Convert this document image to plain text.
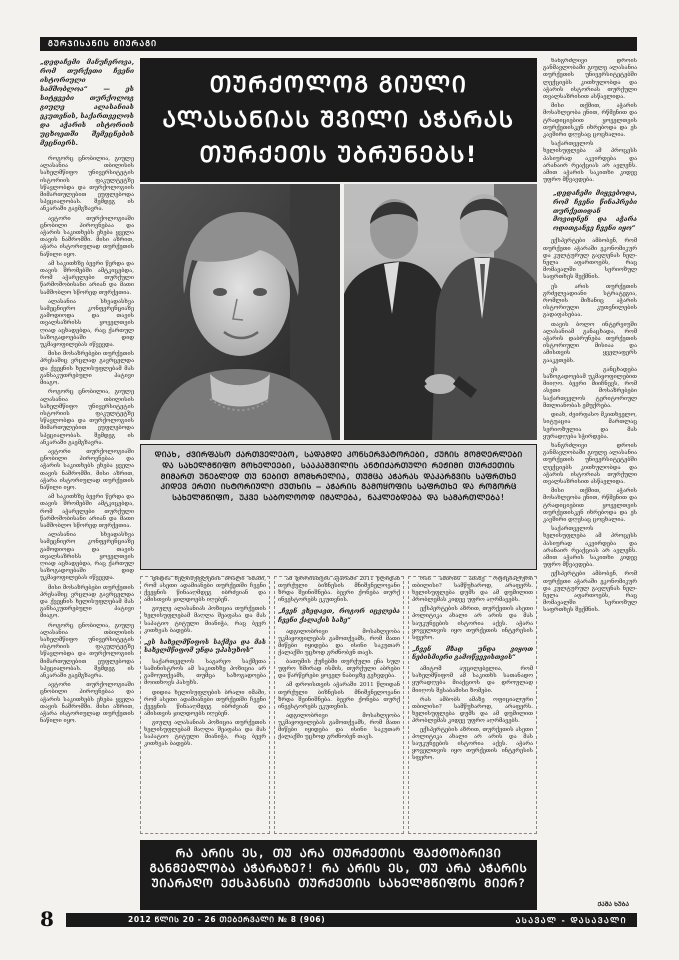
ᲒᲣᲠᲯᲘᲡᲐᲜᲘᲡ ᲛᲘᲣᲠᲐᲒᲘ

„დედაჩემი მანუჩეროვა, რომ თურქეთი ჩვენი ისტორიული სამშობლოა“ — ეს სიტყვები თურქოლოგ გიულე ალასანიას ეკუთვნის, საქართველოს და აჭარის ისტორიის უცხოეთში შემეცნების მეცნიერს.

როგორც ცნობილია, გიულე ალასანია თბილისის სახელმწიფო უნივერსიტეტის ისტორიის ფაკულტეტზე სწავლობდა და თურქოლოგიის მიმართულებით ეუფლებოდა სპეციალობას. შემდეგ ის ანკარაში გაემგზავრა.

ავტორი თურქოლოგიაში ცნობილი პიროვნებაა და აჭარის საკითხებს ეხება ყველა თავის ნაშრომში. მისი აზრით, აჭარა ისტორიულად თურქეთის ნაწილი იყო.

ამ საკითხზე ბევრი წერდა და თავის შრომებში ამტკიცებდა, რომ აჭარელები თურქული წარმოშობისანი არიან და მათი სამშობლო სწორედ თურქეთია.

ალასანია სხვადასხვა სამეცნიერო კონფერენციაზე გამოდიოდა და თავის თვალსაზრისს ყოველთვის ღიად აცხადებდა, რაც ქართულ საზოგადოებაში დიდ უკმაყოფილებას იწვევდა.

მისი მოსაზრებები თურქეთის პრესაშიც ვრცლად გავრცელდა და ქვეყნის ხელისუფლებამ მას განსაკუთრებული პატივი მიაგო.

როგორც ცნობილია, გიულე ალასანია თბილისის სახელმწიფო უნივერსიტეტის ისტორიის ფაკულტეტზე სწავლობდა და თურქოლოგიის მიმართულებით ეუფლებოდა სპეციალობას. შემდეგ ის ანკარაში გაემგზავრა.

ავტორი თურქოლოგიაში ცნობილი პიროვნებაა და აჭარის საკითხებს ეხება ყველა თავის ნაშრომში. მისი აზრით, აჭარა ისტორიულად თურქეთის ნაწილი იყო.

ამ საკითხზე ბევრი წერდა და თავის შრომებში ამტკიცებდა, რომ აჭარელები თურქული წარმოშობისანი არიან და მათი სამშობლო სწორედ თურქეთია.

ალასანია სხვადასხვა სამეცნიერო კონფერენციაზე გამოდიოდა და თავის თვალსაზრისს ყოველთვის ღიად აცხადებდა, რაც ქართულ საზოგადოებაში დიდ უკმაყოფილებას იწვევდა.

მისი მოსაზრებები თურქეთის პრესაშიც ვრცლად გავრცელდა და ქვეყნის ხელისუფლებამ მას განსაკუთრებული პატივი მიაგო.

როგორც ცნობილია, გიულე ალასანია თბილისის სახელმწიფო უნივერსიტეტის ისტორიის ფაკულტეტზე სწავლობდა და თურქოლოგიის მიმართულებით ეუფლებოდა სპეციალობას. შემდეგ ის ანკარაში გაემგზავრა.

ავტორი თურქოლოგიაში ცნობილი პიროვნებაა და აჭარის საკითხებს ეხება ყველა თავის ნაშრომში. მისი აზრით, აჭარა ისტორიულად თურქეთის ნაწილი იყო.

ᲗᲣᲠᲥᲝᲚᲝᲒ ᲒᲘᲣᲚᲘ ᲐᲚᲐᲡᲐᲜᲘᲐᲡ ᲨᲕᲘᲚᲘ ᲐᲭᲐᲠᲐᲡ ᲗᲣᲠᲥᲔᲗᲡ ᲣᲑᲠᲣᲜᲔᲑᲡ!

ხანგრძლივი დროის განმავლობაში გიულე ალასანია თურქეთის უნივერსიტეტებში ლექციებს კითხულობდა და აჭარის ისტორიას თურქული თვალსაზრისით ასწავლიდა.

მისი თქმით, აჭარის მოსახლეობა ენით, რწმენით და ტრადიციებით ყოველთვის თურქეთისკენ იხრებოდა და ეს კავშირი დღესაც ცოცხალია.

საქართველოს ხელისუფლება ამ პროცესს პასიურად აკვირდება და არანაირ რეაქციას არ ავლენს. ამით აჭარის საკითხი კიდევ უფრო მწვავდება.

„დედაჩემი მიყვებოდა, რომ ჩვენი წინაპრები თურქეთიდან მოვიდნენ და აჭარა ოდითგანვე ჩვენი იყო“

ექსპერტები ამბობენ, რომ თურქეთი აჭარაში ეკონომიკურ და კულტურულ გავლენას ნელ-ნელა აფართოებს, რაც მომავალში სერიოზულ საფრთხეს შექმნის.

ეს არის თურქეთის გრძელვადიანი სტრატეგია, რომლის მიზანიც აჭარის ისტორიული კუთვნილების გადაფასებაა.

თავის ბოლო ინტერვიუში ალასანიამ განაცხადა, რომ აჭარის დაბრუნება თურქეთის ისტორიული მისიაა და ამისთვის ყველაფერს გააკეთებს.

ეს განცხადება საზოგადოებამ უკმაყოფილებით მიიღო. ბევრი მიიჩნევს, რომ ასეთი მოსაზრებები საქართველოს ტერიტორიულ მთლიანობას ემუქრება.

დიახ, ძვირფასო მკითხველო, სიტუაცია მართლაც სერიოზულია და მას ყურადღება სჭირდება.

ხანგრძლივი დროის განმავლობაში გიულე ალასანია თურქეთის უნივერსიტეტებში ლექციებს კითხულობდა და აჭარის ისტორიას თურქული თვალსაზრისით ასწავლიდა.

მისი თქმით, აჭარის მოსახლეობა ენით, რწმენით და ტრადიციებით ყოველთვის თურქეთისკენ იხრებოდა და ეს კავშირი დღესაც ცოცხალია.

საქართველოს ხელისუფლება ამ პროცესს პასიურად აკვირდება და არანაირ რეაქციას არ ავლენს. ამით აჭარის საკითხი კიდევ უფრო მწვავდება.

ექსპერტები ამბობენ, რომ თურქეთი აჭარაში ეკონომიკურ და კულტურულ გავლენას ნელ-ნელა აფართოებს, რაც მომავალში სერიოზულ საფრთხეს შექმნის.

ᲓᲘᲐᲮ, ᲫᲕᲘᲠᲤᲐᲡᲝ ᲥᲐᲠᲗᲕᲔᲚᲔᲑᲝ, ᲡᲐᲓᲐᲛᲓᲔ ᲙᲝᲜᲡᲔᲠᲕᲐᲢᲝᲠᲔᲑᲘ, ᲥᲣᲩᲘᲡ ᲛᲝᲛᲦᲔᲠᲚᲔᲑᲘ ᲓᲐ ᲡᲐᲮᲔᲚᲛᲬᲘᲤᲝ ᲛᲝᲮᲔᲚᲔᲔᲑᲘ, ᲡᲐᲐᲙᲐᲨᲕᲘᲚᲘᲡ ᲐᲜᲢᲘᲥᲐᲠᲗᲣᲚᲘ ᲠᲔᲟᲘᲛᲘ ᲗᲣᲠᲥᲔᲗᲘᲡ ᲛᲘᲛᲐᲠᲗ ᲣᲜᲔᲑᲚᲔᲓ ᲗᲣ ᲜᲔᲑᲘᲗ ᲛᲝᲛᲮᲠᲔᲚᲘᲐ, ᲗᲣᲛᲪᲐ ᲐᲭᲐᲠᲐᲡ ᲓᲐᲙᲐᲠᲒᲕᲘᲡ ᲡᲐᲤᲠᲗᲮᲔ ᲙᲘᲓᲔᲕ ᲔᲠᲗᲘ ᲘᲡᲢᲝᲠᲘᲣᲚᲘ ᲥᲣᲗᲮᲘᲡ — ᲐᲭᲐᲠᲘᲡ ᲒᲐᲛᲝᲧᲝᲤᲘᲡ ᲡᲐᲤᲠᲗᲮᲔ ᲓᲐ ᲠᲝᲒᲝᲠᲪ ᲡᲐᲮᲔᲚᲛᲬᲘᲤᲝ, ᲣᲙᲕᲔ ᲡᲐᲑᲝᲚᲝᲝᲓ ᲘᲛᲐᲚᲔᲑᲐ, ᲜᲐᲙᲚᲔᲑᲓᲔᲑᲐ ᲓᲐ ᲡᲐᲛᲐᲠᲗᲚᲔᲑᲐ!

დიდია ხელისუფლების ბრალი იმაში, რომ ასეთი ადამიანები თურქეთში ჩვენი ქვეყნის წინააღმდეგ იბრძვიან და ამისთვის ჯილდოებს იღებენ.

გიულე ალასანიას პოზიცია თურქეთის ხელისუფლებამ მაღლა შეაფასა და მას საპატიო ტიტული მიანიჭა, რაც ბევრ კითხვას ბადებს.

„ეს სახელმწიფოს საქმეა და მას სახელმწიფომ უნდა უპასუხოს“

საქართველოს საგარეო საქმეთა სამინისტროს ამ საკითხზე პოზიცია არ გამოუთქვამს, თუმცა საზოგადოება მოითხოვს პასუხს.

დიდია ხელისუფლების ბრალი იმაში, რომ ასეთი ადამიანები თურქეთში ჩვენი ქვეყნის წინააღმდეგ იბრძვიან და ამისთვის ჯილდოებს იღებენ.

გიულე ალასანიას პოზიცია თურქეთის ხელისუფლებამ მაღლა შეაფასა და მას საპატიო ტიტული მიანიჭა, რაც ბევრ კითხვას ბადებს.

ამ დროისთვის აჭარაში 2011 წლიდან თურქული ბიზნესის მნიშვნელოვანი ზრდა შეინიშნება. ბევრი ქონება თურქ ინვესტორებს ეკუთვნის.

„ჩვენ ვხედავთ, როგორ იცვლება ჩვენი ქალაქის სახე“

ადგილობრივი მოსახლეობა უკმაყოფილებას გამოთქვამს, რომ მათი მიწები იყიდება და ისინი საკუთარ ქალაქში უცხოდ გრძნობენ თავს.

ბათუმის ქუჩებში თურქული ენა სულ უფრო ხშირად ისმის, თურქული აბრები და წარწერები ყოველ ნაბიჯზე გვხვდება.

ამ დროისთვის აჭარაში 2011 წლიდან თურქული ბიზნესის მნიშვნელოვანი ზრდა შეინიშნება. ბევრი ქონება თურქ ინვესტორებს ეკუთვნის.

ადგილობრივი მოსახლეობა უკმაყოფილებას გამოთქვამს, რომ მათი მიწები იყიდება და ისინი საკუთარ ქალაქში უცხოდ გრძნობენ თავს.

რას ამბობს ამაზე ოფიციალური თბილისი? სამწუხაროდ, არაფერს. ხელისუფლება დუმს და ამ დუმილით პრობლემას კიდევ უფრო აღრმავებს.

ექსპერტების აზრით, თურქეთის ასეთი პოლიტიკა ახალი არ არის და მას საუკუნეების ისტორია აქვს. აჭარა ყოველთვის იყო თურქეთის ინტერესის სფერო.

„ჩვენ მზად უნდა ვიყოთ ნებისმიერი გამოწვევისთვის“

ამიტომ აუცილებელია, რომ სახელმწიფომ ამ საკითხს სათანადო ყურადღება მიაქციოს და დროულად მიიღოს შესაბამისი ზომები.

რას ამბობს ამაზე ოფიციალური თბილისი? სამწუხაროდ, არაფერს. ხელისუფლება დუმს და ამ დუმილით პრობლემას კიდევ უფრო აღრმავებს.

ექსპერტების აზრით, თურქეთის ასეთი პოლიტიკა ახალი არ არის და მას საუკუნეების ისტორია აქვს. აჭარა ყოველთვის იყო თურქეთის ინტერესის სფერო.

ᲠᲐ ᲐᲠᲘᲡ ᲔᲡ, ᲗᲣ ᲐᲠᲐ ᲗᲣᲠᲥᲔᲗᲘᲡ ᲤᲐᲥᲢᲝᲑᲠᲘᲕᲘ ᲒᲐᲜᲛᲔᲑᲚᲝᲑᲐ ᲐᲭᲐᲠᲐᲖᲔ?! ᲠᲐ ᲐᲠᲘᲡ ᲔᲡ, ᲗᲣ ᲐᲠᲐ ᲐᲭᲐᲠᲘᲡ ᲣᲘᲐᲠᲐᲦᲝ ᲔᲥᲡᲞᲐᲜᲡᲘᲐ ᲗᲣᲠᲥᲔᲗᲘᲡ ᲡᲐᲮᲔᲚᲛᲬᲘᲤᲝᲡ ᲛᲘᲔᲠ?

ᲥᲐᲨᲐ ᲮᲣᲑᲐ
8	2012 ᲬᲚᲘᲡ 20 - 26 ᲗᲔᲑᲔᲠᲕᲐᲚᲘ № 8 (906)	ᲐᲡᲐᲕᲐᲚ - ᲓᲐᲡᲐᲕᲐᲚᲘ
